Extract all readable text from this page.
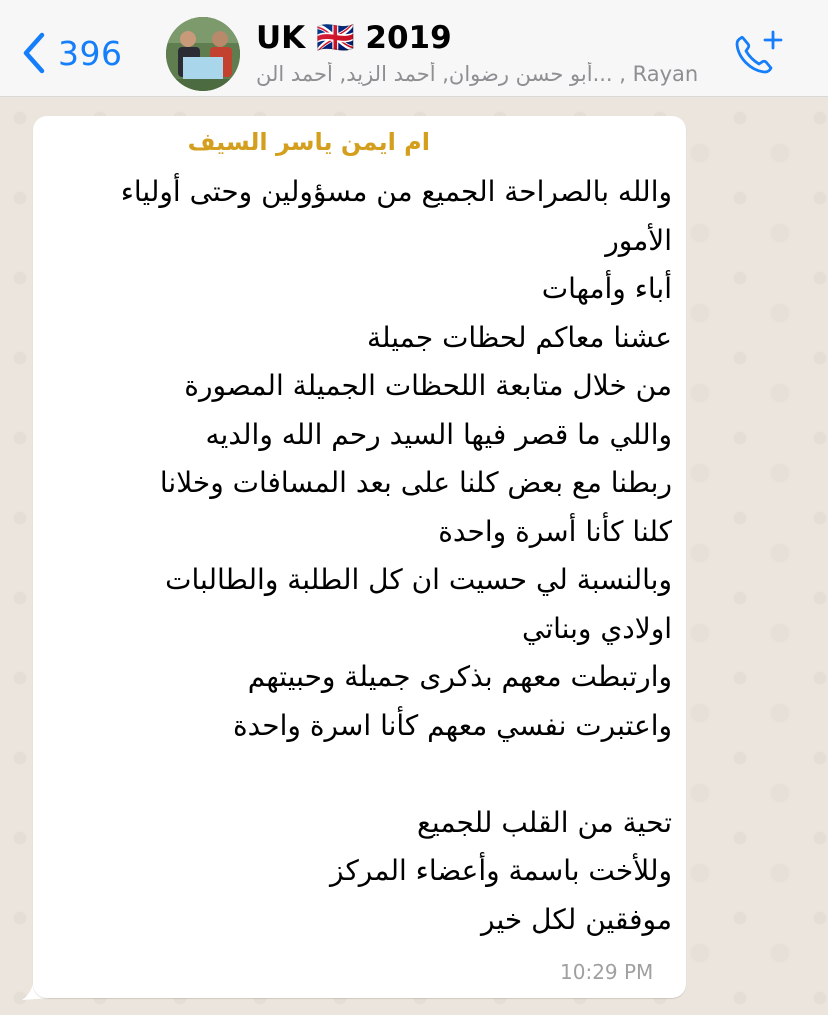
396	UK 🇬🇧 2019
أبو حسن رضوان, أحمد الزيد, أحمد الن... , Rayan
ام ايمن ياسر السيف
والله بالصراحة الجميع من مسؤولين وحتى أولياء
الأمور
أباء وأمهات
عشنا معاكم لحظات جميلة
من خلال متابعة اللحظات الجميلة المصورة
واللي ما قصر فيها السيد رحم الله والديه
ربطنا مع بعض كلنا على بعد المسافات وخلانا
كلنا كأنا أسرة واحدة
وبالنسبة لي حسيت ان كل الطلبة والطالبات
اولادي وبناتي
وارتبطت معهم بذكرى جميلة وحبيتهم
واعتبرت نفسي معهم كأنا اسرة واحدة
تحية من القلب للجميع
وللأخت باسمة وأعضاء المركز
موفقين لكل خير
10:29 PM
